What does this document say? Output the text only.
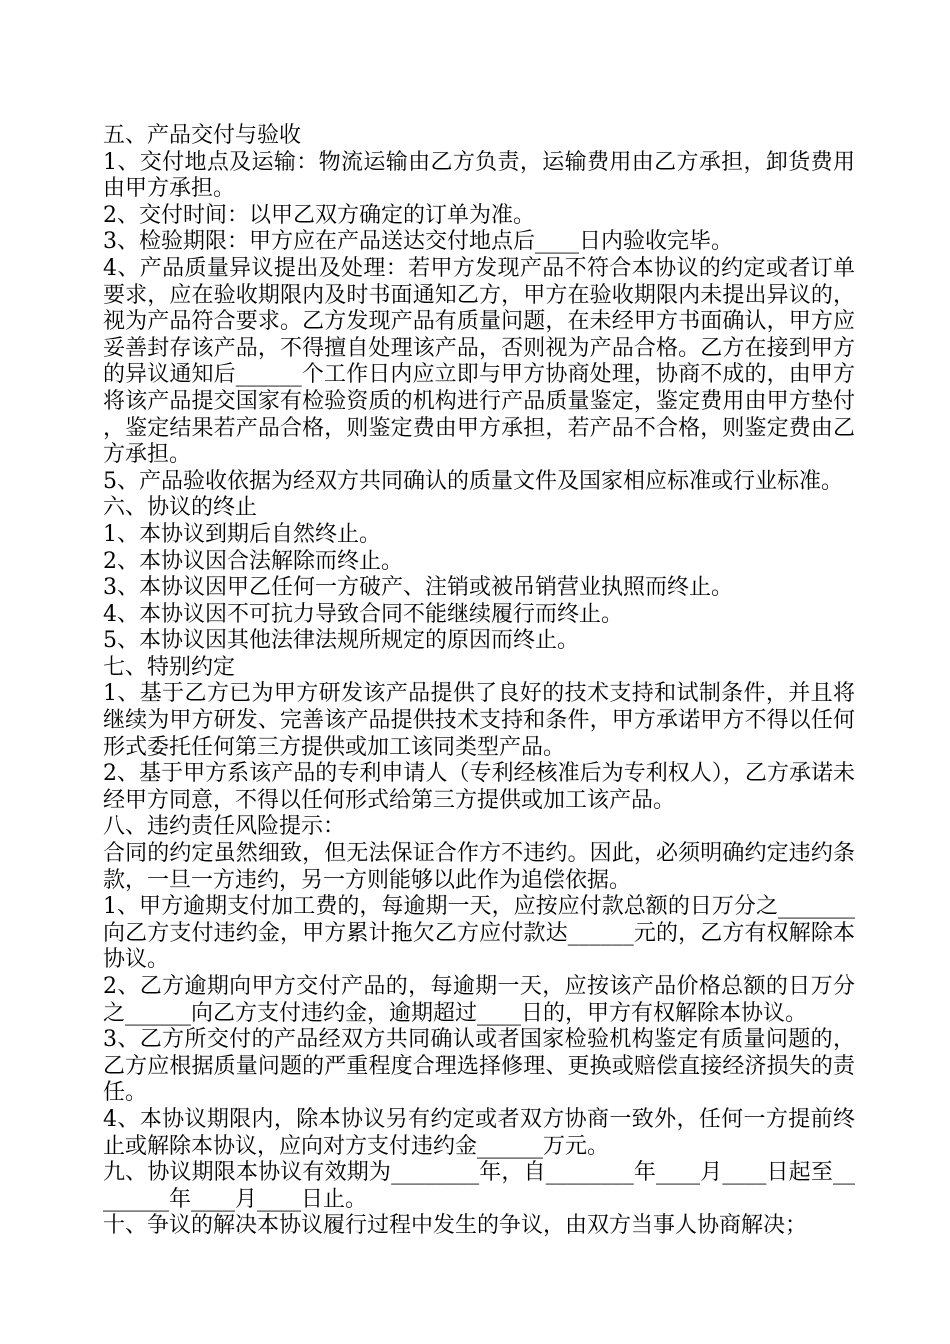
五、产品交付与验收

1、交付地点及运输：物流运输由乙方负责，运输费用由乙方承担，卸货费用由甲方承担。

2、交付时间：以甲乙双方确定的订单为准。

3、检验期限：甲方应在产品送达交付地点后____日内验收完毕。

4、产品质量异议提出及处理：若甲方发现产品不符合本协议的约定或者订单要求，应在验收期限内及时书面通知乙方，甲方在验收期限内未提出异议的，视为产品符合要求。乙方发现产品有质量问题，在未经甲方书面确认，甲方应妥善封存该产品，不得擅自处理该产品，否则视为产品合格。乙方在接到甲方的异议通知后______个工作日内应立即与甲方协商处理，协商不成的，由甲方将该产品提交国家有检验资质的机构进行产品质量鉴定，鉴定费用由甲方垫付，鉴定结果若产品合格，则鉴定费由甲方承担，若产品不合格，则鉴定费由乙方承担。

5、产品验收依据为经双方共同确认的质量文件及国家相应标准或行业标准。

六、协议的终止

1、本协议到期后自然终止。

2、本协议因合法解除而终止。

3、本协议因甲乙任何一方破产、注销或被吊销营业执照而终止。

4、本协议因不可抗力导致合同不能继续履行而终止。

5、本协议因其他法律法规所规定的原因而终止。

七、特别约定

1、基于乙方已为甲方研发该产品提供了良好的技术支持和试制条件，并且将继续为甲方研发、完善该产品提供技术支持和条件，甲方承诺甲方不得以任何形式委托任何第三方提供或加工该同类型产品。

2、基于甲方系该产品的专利申请人（专利经核准后为专利权人），乙方承诺未经甲方同意，不得以任何形式给第三方提供或加工该产品。

八、违约责任风险提示：

合同的约定虽然细致，但无法保证合作方不违约。因此，必须明确约定违约条款，一旦一方违约，另一方则能够以此作为追偿依据。

1、甲方逾期支付加工费的，每逾期一天，应按应付款总额的日万分之_______向乙方支付违约金，甲方累计拖欠乙方应付款达______元的，乙方有权解除本协议。

2、乙方逾期向甲方交付产品的，每逾期一天，应按该产品价格总额的日万分之______向乙方支付违约金，逾期超过____日的，甲方有权解除本协议。

3、乙方所交付的产品经双方共同确认或者国家检验机构鉴定有质量问题的，乙方应根据质量问题的严重程度合理选择修理、更换或赔偿直接经济损失的责任。

4、本协议期限内，除本协议另有约定或者双方协商一致外，任何一方提前终止或解除本协议，应向对方支付违约金______万元。

九、协议期限本协议有效期为________年，自________年____月____日起至________年____月____日止。

十、争议的解决本协议履行过程中发生的争议，由双方当事人协商解决；
